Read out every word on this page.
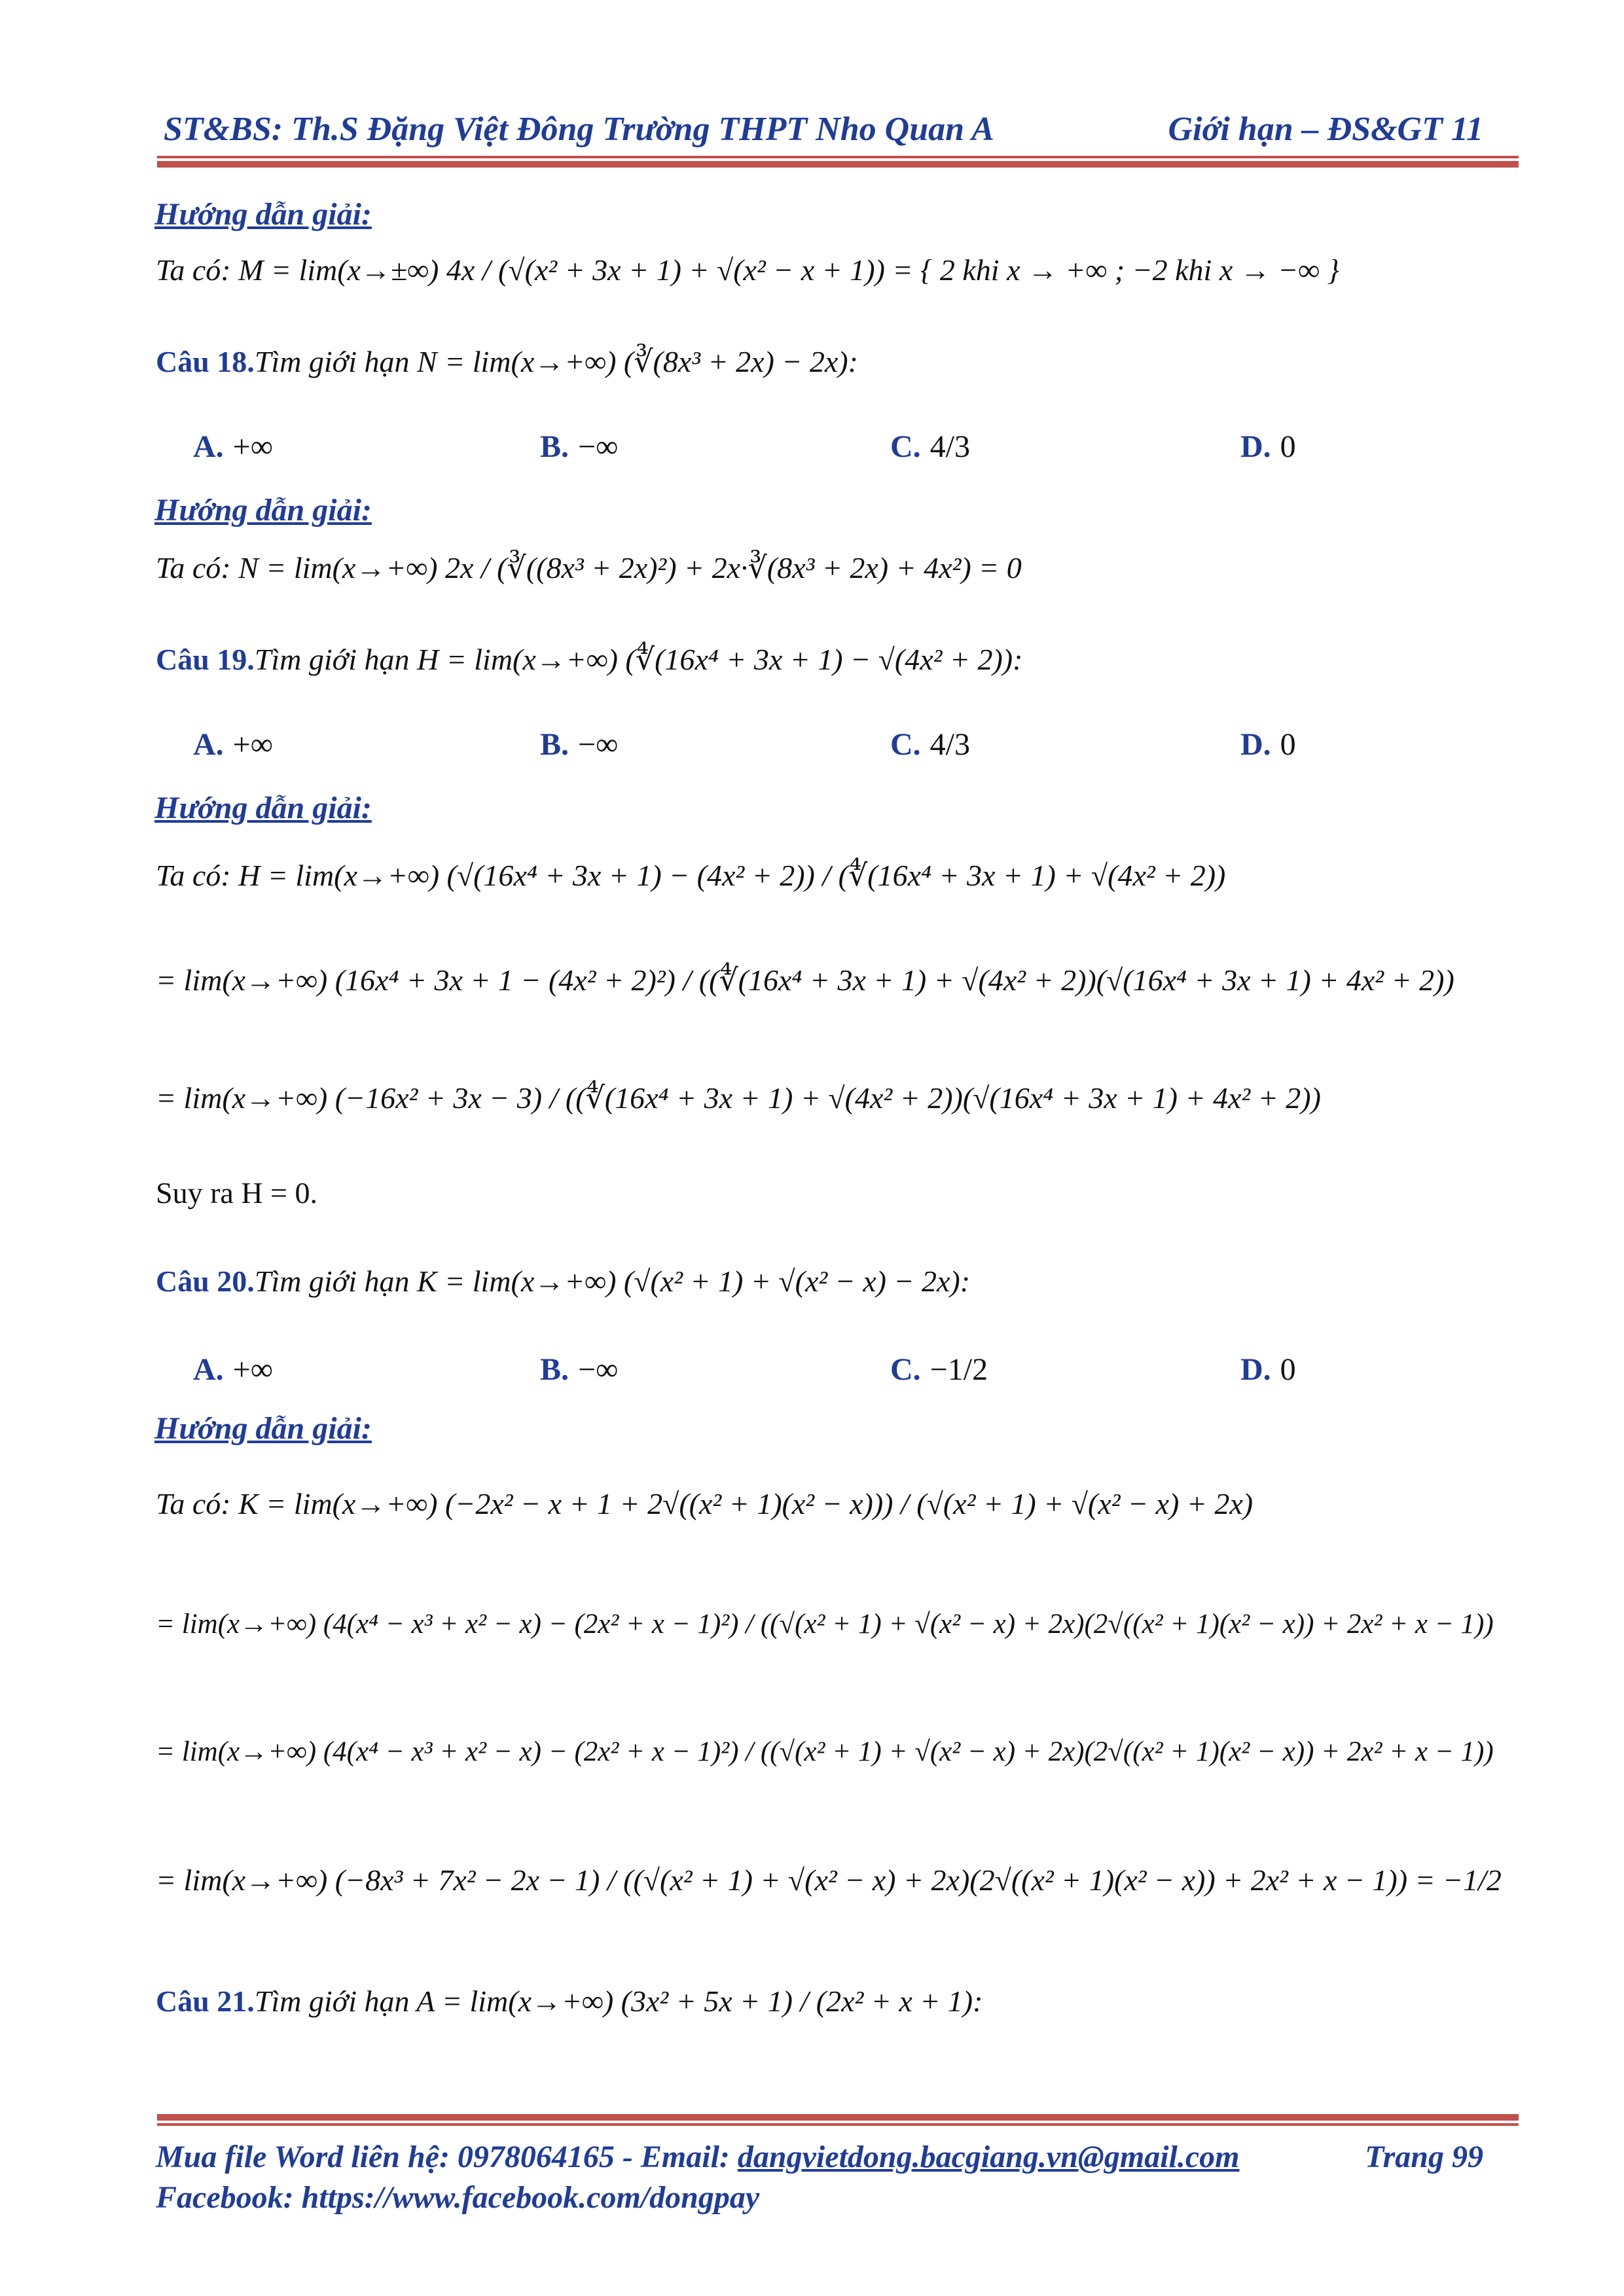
ST&BS: Th.S Đặng Việt Đông Trường THPT Nho Quan A	Giới hạn – ĐS&GT 11
Hướng dẫn giải:
Ta có: M = lim(x→±∞) 4x / (√(x² + 3x + 1) + √(x² − x + 1)) = { 2 khi x → +∞ ; −2 khi x → −∞ }
Câu 18.Tìm giới hạn N = lim(x→+∞) (∛(8x³ + 2x) − 2x):
A. +∞	B. −∞	C. 4/3	D. 0
Hướng dẫn giải:
Ta có: N = lim(x→+∞) 2x / (∛((8x³ + 2x)²) + 2x·∛(8x³ + 2x) + 4x²) = 0
Câu 19.Tìm giới hạn H = lim(x→+∞) (∜(16x⁴ + 3x + 1) − √(4x² + 2)):
A. +∞	B. −∞	C. 4/3	D. 0
Hướng dẫn giải:
Ta có: H = lim(x→+∞) (√(16x⁴ + 3x + 1) − (4x² + 2)) / (∜(16x⁴ + 3x + 1) + √(4x² + 2))
= lim(x→+∞) (16x⁴ + 3x + 1 − (4x² + 2)²) / ((∜(16x⁴ + 3x + 1) + √(4x² + 2))(√(16x⁴ + 3x + 1) + 4x² + 2))
= lim(x→+∞) (−16x² + 3x − 3) / ((∜(16x⁴ + 3x + 1) + √(4x² + 2))(√(16x⁴ + 3x + 1) + 4x² + 2))
Suy ra H = 0.
Câu 20.Tìm giới hạn K = lim(x→+∞) (√(x² + 1) + √(x² − x) − 2x):
A. +∞	B. −∞	C. −1/2	D. 0
Hướng dẫn giải:
Ta có: K = lim(x→+∞) (−2x² − x + 1 + 2√((x² + 1)(x² − x))) / (√(x² + 1) + √(x² − x) + 2x)
= lim(x→+∞) (4(x⁴ − x³ + x² − x) − (2x² + x − 1)²) / ((√(x² + 1) + √(x² − x) + 2x)(2√((x² + 1)(x² − x)) + 2x² + x − 1))
= lim(x→+∞) (4(x⁴ − x³ + x² − x) − (2x² + x − 1)²) / ((√(x² + 1) + √(x² − x) + 2x)(2√((x² + 1)(x² − x)) + 2x² + x − 1))
= lim(x→+∞) (−8x³ + 7x² − 2x − 1) / ((√(x² + 1) + √(x² − x) + 2x)(2√((x² + 1)(x² − x)) + 2x² + x − 1)) = −1/2
Câu 21.Tìm giới hạn A = lim(x→+∞) (3x² + 5x + 1) / (2x² + x + 1):
Mua file Word liên hệ: 0978064165 - Email: dangvietdong.bacgiang.vn@gmail.com	Trang 99
Facebook: https://www.facebook.com/dongpay
